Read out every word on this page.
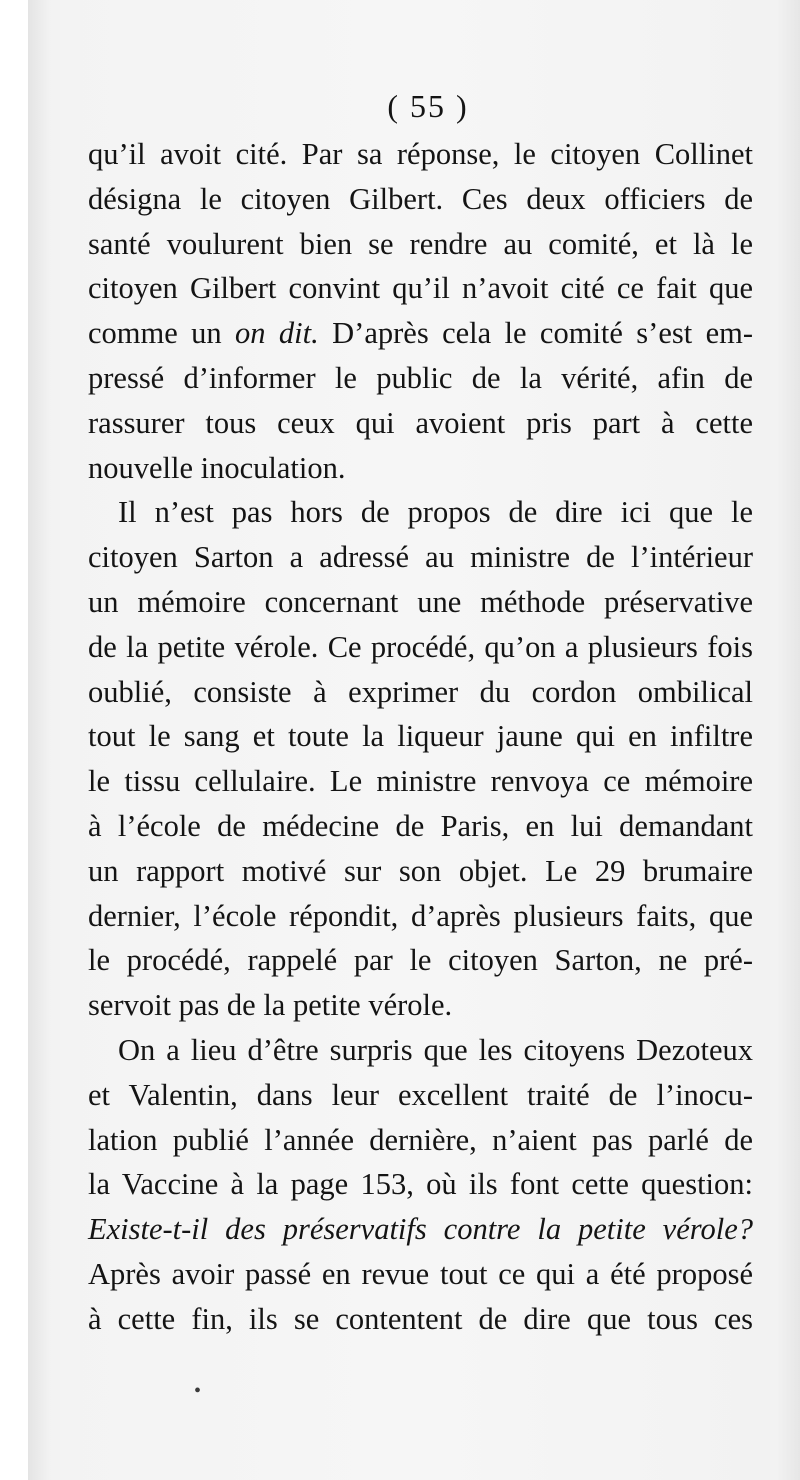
( 55 )
qu’il avoit cité. Par sa réponse, le citoyen Collinet
désigna le citoyen Gilbert. Ces deux officiers de
santé voulurent bien se rendre au comité, et là le
citoyen Gilbert convint qu’il n’avoit cité ce fait que
comme un on dit. D’après cela le comité s’est em-
pressé d’informer le public de la vérité, afin de
rassurer tous ceux qui avoient pris part à cette
nouvelle inoculation.
Il n’est pas hors de propos de dire ici que le
citoyen Sarton a adressé au ministre de l’intérieur
un mémoire concernant une méthode préservative
de la petite vérole. Ce procédé, qu’on a plusieurs fois
oublié, consiste à exprimer du cordon ombilical
tout le sang et toute la liqueur jaune qui en infiltre
le tissu cellulaire. Le ministre renvoya ce mémoire
à l’école de médecine de Paris, en lui demandant
un rapport motivé sur son objet. Le 29 brumaire
dernier, l’école répondit, d’après plusieurs faits, que
le procédé, rappelé par le citoyen Sarton, ne pré-
servoit pas de la petite vérole.
On a lieu d’être surpris que les citoyens Dezoteux
et Valentin, dans leur excellent traité de l’inocu-
lation publié l’année dernière, n’aient pas parlé de
la Vaccine à la page 153, où ils font cette question:
Existe-t-il des préservatifs contre la petite vérole?
Après avoir passé en revue tout ce qui a été proposé
à cette fin, ils se contentent de dire que tous ces
•
